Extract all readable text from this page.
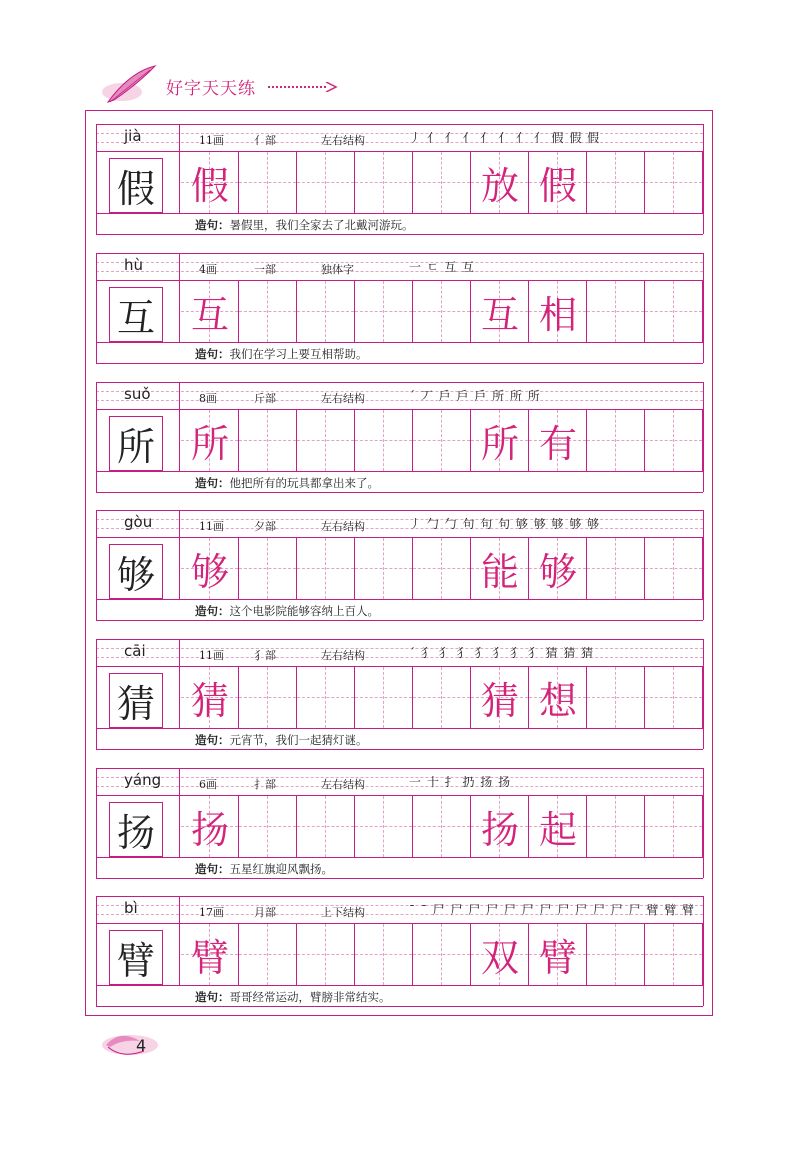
好字天天练
jià	11画	亻部	左右结构	丿 亻 亻 亻 亻 亻 亻 亻 假 假 假
假 假	放 假
造句：暑假里，我们全家去了北戴河游玩。
hù	4画	一部	独体字	一 ㄷ 互 互
互 互	互 相
造句：我们在学习上要互相帮助。
suǒ	8画	斤部	左右结构	ˊ 丆 戶 戶 戶 所 所 所
所 所	所 有
造句：他把所有的玩具都拿出来了。
gòu	11画	夕部	左右结构	丿 勹 勹 句 句 句 够 够 够 够 够
够 够	能 够
造句：这个电影院能够容纳上百人。
cāi	11画	犭部	左右结构	ˊ 犭 犭 犭 犭 犭 犭 犭 猜 猜 猜
猜 猜	猜 想
造句：元宵节，我们一起猜灯谜。
yáng	6画	扌部	左右结构	一 十 扌 扔 扬 扬
扬 扬	扬 起
造句：五星红旗迎风飘扬。
bì	17画	月部	上下结构	ˉ ˉ 尸 尸 尸 尸 尸 尸 尸 尸 尸 尸 尸 尸 臂 臂 臂
臂 臂	双 臂
造句：哥哥经常运动，臂膀非常结实。
4
